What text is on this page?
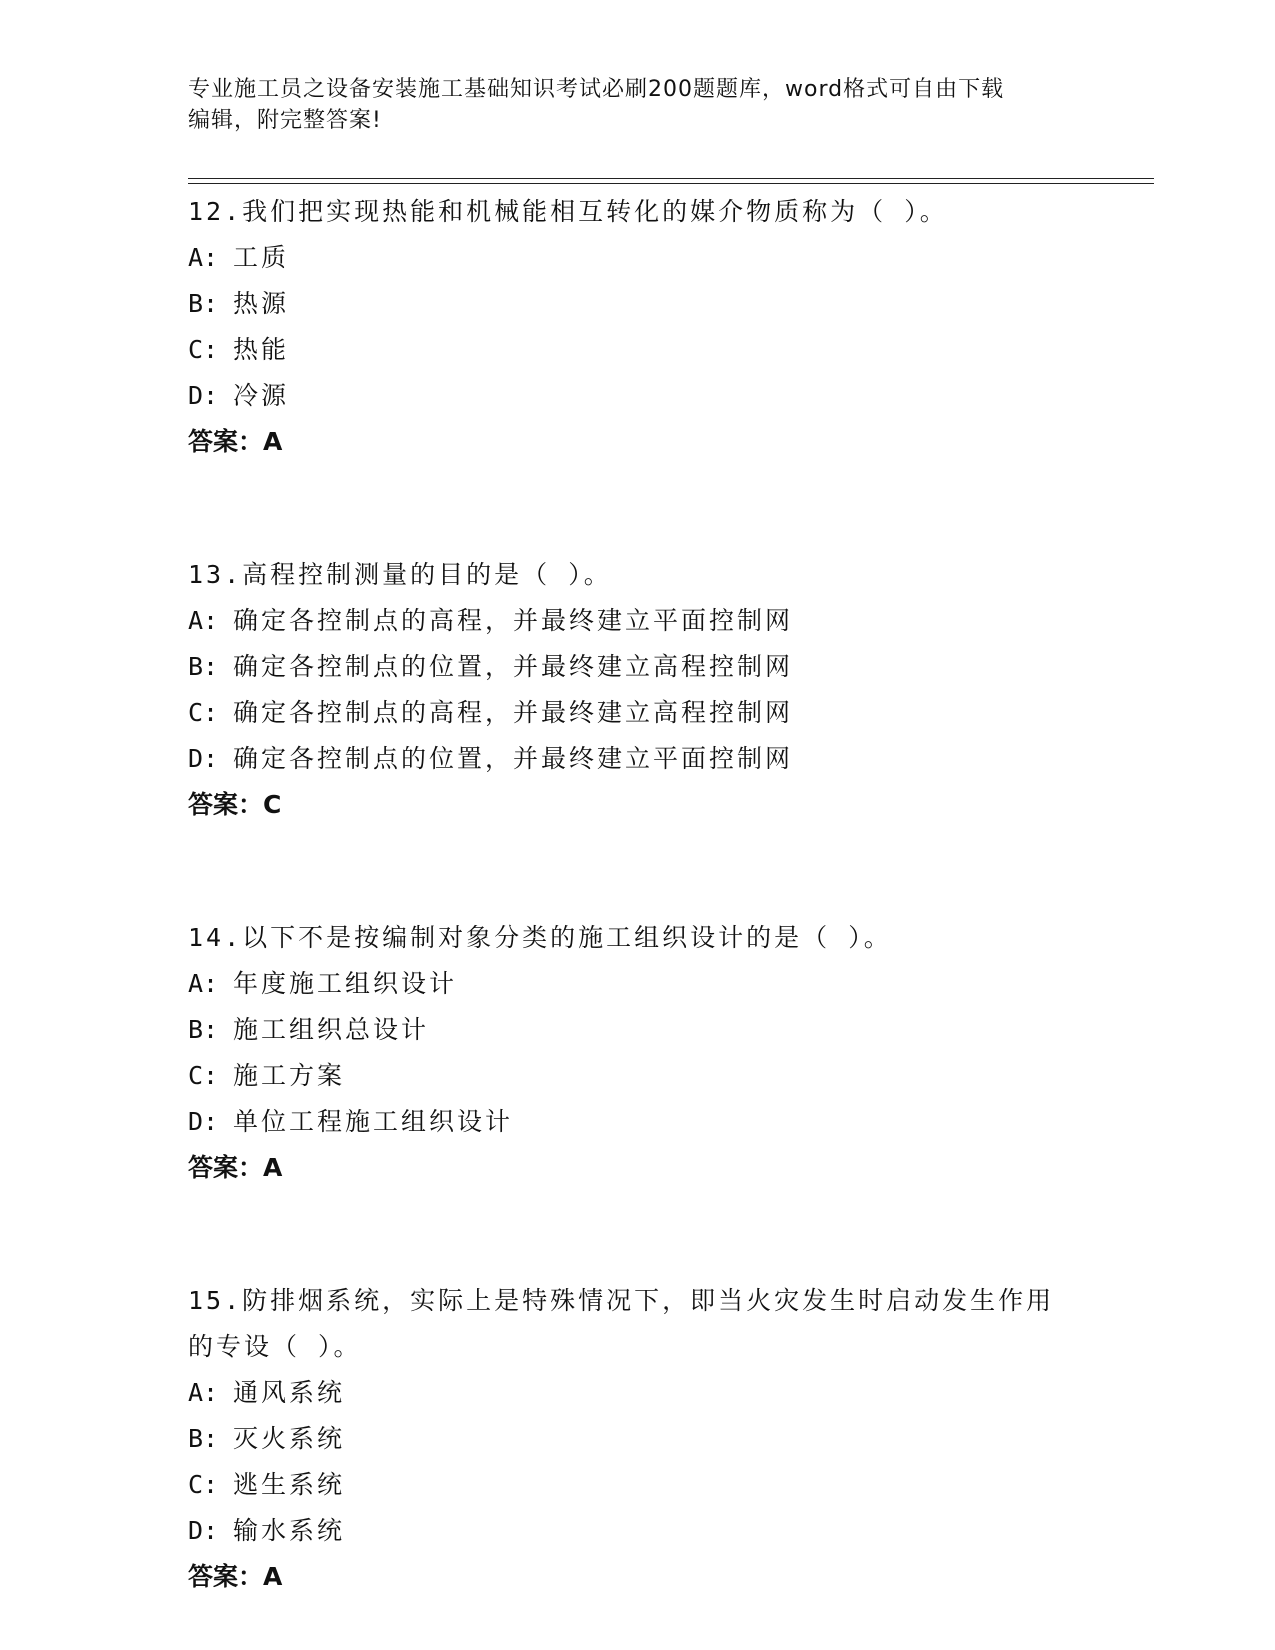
专业施工员之设备安装施工基础知识考试必刷200题题库，word格式可自由下载
编辑，附完整答案!
12 . 我们把实现热能和机械能相互转化的媒介物质称为（ ）。
A: 工质
B: 热源
C: 热能
D: 冷源
答案：A
13 . 高程控制测量的目的是（ ）。
A: 确定各控制点的高程，并最终建立平面控制网
B: 确定各控制点的位置，并最终建立高程控制网
C: 确定各控制点的高程，并最终建立高程控制网
D: 确定各控制点的位置，并最终建立平面控制网
答案：C
14 . 以下不是按编制对象分类的施工组织设计的是（ ）。
A: 年度施工组织设计
B: 施工组织总设计
C: 施工方案
D: 单位工程施工组织设计
答案：A
15 . 防排烟系统，实际上是特殊情况下，即当火灾发生时启动发生作用
的专设（ ）。
A: 通风系统
B: 灭火系统
C: 逃生系统
D: 输水系统
答案：A
